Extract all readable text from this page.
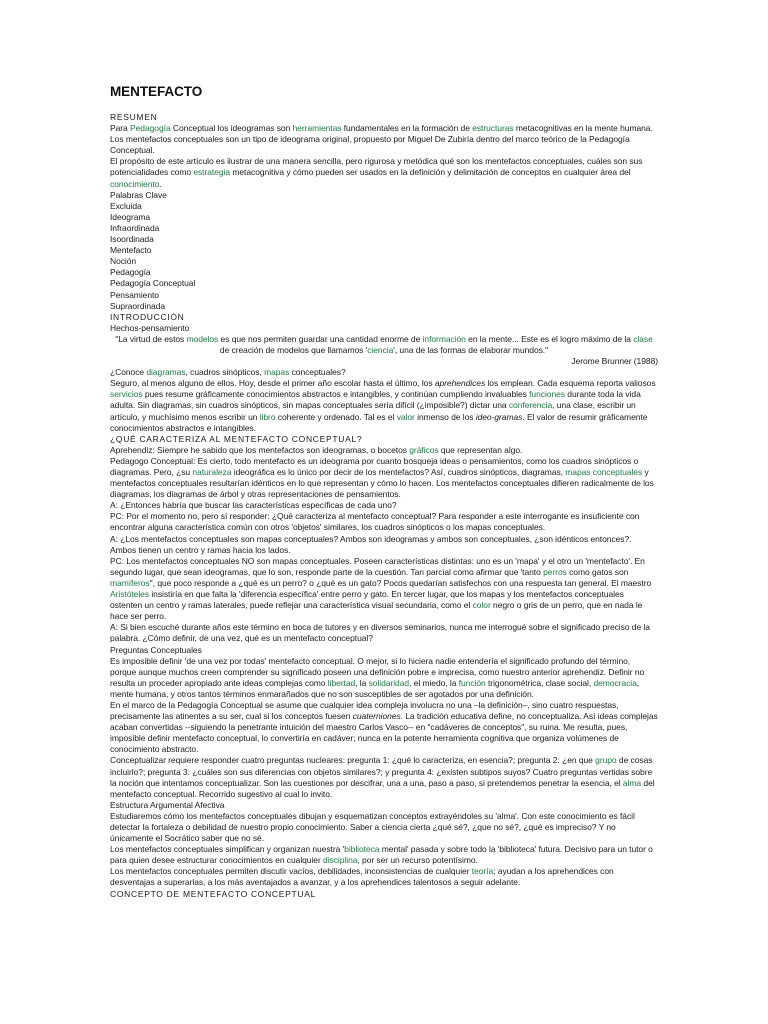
MENTEFACTO
RESUMEN
Para Pedagogía Conceptual los ideogramas son herramientas fundamentales en la formación de estructuras metacognitivas en la mente humana.
Los mentefactos conceptuales son un tipo de ideograma original, propuesto por Miguel De Zubiría dentro del marco teórico de la Pedagogía Conceptual.
El propósito de este artículo es ilustrar de una manera sencilla, pero rigurosa y metódica qué son los mentefactos conceptuales, cuáles son sus potencialidades como estrategia metacognitiva y cómo pueden ser usados en la definición y delimitación de conceptos en cualquier área del conocimiento.
Palabras Clave
Excluida
Ideograma
Infraordinada
Isoordinada
Mentefacto
Noción
Pedagogía
Pedagogía Conceptual
Pensamiento
Supraordinada
INTRODUCCIÓN
Hechos-pensamiento
"La virtud de estos modelos es que nos permiten guardar una cantidad enorme de información en la mente... Este es el logro máximo de la clase de creación de modelos que llamamos 'ciencia', una de las formas de elaborar mundos."
Jerome Brunner (1988)
¿Conoce diagramas, cuadros sinópticos, mapas conceptuales?
Seguro, al menos alguno de ellos. Hoy, desde el primer año escolar hasta el último, los aprehendices los emplean. Cada esquema reporta valiosos servicios pues resume gráficamente conocimientos abstractos e intangibles, y continúan cumpliendo invaluables funciones durante toda la vida adulta. Sin diagramas, sin cuadros sinópticos, sin mapas conceptuales sería difícil (¿imposible?) dictar una conferencia, una clase, escribir un artículo, y muchísimo menos escribir un libro coherente y ordenado. Tal es el valor inmenso de los ideo-gramas. El valor de resumir gráficamente conocimientos abstractos e intangibles.
¿QUÉ CARACTERIZA AL MENTEFACTO CONCEPTUAL?
Aprehendiz: Siempre he sabido que los mentefactos son ideogramas, o bocetos gráficos que representan algo.
Pedagogo Conceptual: Es cierto, todo mentefacto es un ideograma por cuanto bosqueja ideas o pensamientos, como los cuadros sinópticos o diagramas. Pero, ¿su naturaleza ideográfica es lo único por decir de los mentefactos? Así, cuadros sinópticos, diagramas, mapas conceptuales y mentefactos conceptuales resultarían idénticos en lo que representan y cómo lo hacen. Los mentefactos conceptuales difieren radicalmente de los diagramas, los diagramas de árbol y otras representaciones de pensamientos.
A: ¿Entonces habría que buscar las características específicas de cada uno?
PC: Por el momento no, pero sí responder: ¿Qué caracteriza al mentefacto conceptual? Para responder a este interrogante es insuficiente con encontrar alguna característica común con otros 'objetos' similares, los cuadros sinópticos o los mapas conceptuales.
A: ¿Los mentefactos conceptuales son mapas conceptuales? Ambos son ideogramas y ambos son conceptuales, ¿son idénticos entonces?. Ambos tienen un centro y ramas hacia los lados.
PC: Los mentefactos conceptuales NO son mapas conceptuales. Poseen características distintas: uno es un 'mapa' y el otro un 'mentefacto'. En segundo lugar, que sean ideogramas, que lo son, responde parte de la cuestión. Tan parcial como afirmar que 'tanto perros como gatos son mamíferos'', que poco responde a ¿qué es un perro? o ¿qué es un gato? Pocos quedarían satisfechos con una respuesta tan general. El maestro Aristóteles insistiría en que falta la 'diferencia específica' entre perro y gato. En tercer lugar, que los mapas y los mentefactos conceptuales ostenten un centro y ramas laterales, puede reflejar una característica visual secundaria, como el color negro o gris de un perro, que en nada le hace ser perro.
A: Si bien escuché durante años este término en boca de tutores y en diversos seminarios, nunca me interrogué sobre el significado preciso de la palabra. ¿Cómo definir, de una vez, qué es un mentefacto conceptual?
Preguntas Conceptuales
Es imposible definir 'de una vez por todas' mentefacto conceptual. O mejor, si lo hiciera nadie entendería el significado profundo del término, porque aunque muchos creen comprender su significado poseen una definición pobre e imprecisa, como nuestro anterior aprehendiz. Definir no resulta un proceder apropiado ante ideas complejas como libertad, la solidaridad, el miedo, la función trigonométrica, clase social, democracia, mente humana, y otros tantos términos enmarañados que no son susceptibles de ser agotados por una definición.
En el marco de la Pedagogía Conceptual se asume que cualquier idea compleja involucra no una –la definición–, sino cuatro respuestas, precisamente las atinentes a su ser, cual si los conceptos fuesen cuaterniones. La tradición educativa define, no conceptualiza. Así ideas complejas acaban convertidas --siguiendo la penetrante intuición del maestro Carlos Vasco-- en "cadáveres de conceptos", su ruina. Me resulta, pues, imposible definir mentefacto conceptual, lo convertiría en cadáver; nunca en la potente herramienta cognitiva que organiza volúmenes de conocimiento abstracto.
Conceptualizar requiere responder cuatro preguntas nucleares: pregunta 1: ¿qué lo caracteriza, en esencia?; pregunta 2: ¿en que grupo de cosas incluirlo?; pregunta 3: ¿cuáles son sus diferencias con objetos similares?; y pregunta 4: ¿existen subtipos suyos? Cuatro preguntas vertidas sobre la noción que intentamos conceptualizar. Son las cuestiones por descifrar, una a una, paso a paso, si pretendemos penetrar la esencia, el alma del mentefacto conceptual. Recorrido sugestivo al cual lo invito.
Estructura Argumental Afectiva
Estudiaremos cómo los mentefactos conceptuales dibujan y esquematizan conceptos extrayéndoles su 'alma'. Con este conocimiento es fácil detectar la fortaleza o debilidad de nuestro propio conocimiento. Saber a ciencia cierta ¿qué sé?, ¿que no sé?, ¿qué es impreciso? Y no únicamente el Socrático saber que no sé.
Los mentefactos conceptuales simplifican y organizan nuestra 'biblioteca mental' pasada y sobre todo la 'biblioteca' futura. Decisivo para un tutor o para quien desee estructurar conocimientos en cualquier disciplina, por ser un recurso potentísimo.
Los mentefactos conceptuales permiten discutir vacíos, debilidades, inconsistencias de cualquier teoría; ayudan a los aprehendices con desventajas a superarlas, a los más aventajados a avanzar, y a los aprehendices talentosos a seguir adelante.
CONCEPTO DE MENTEFACTO CONCEPTUAL
